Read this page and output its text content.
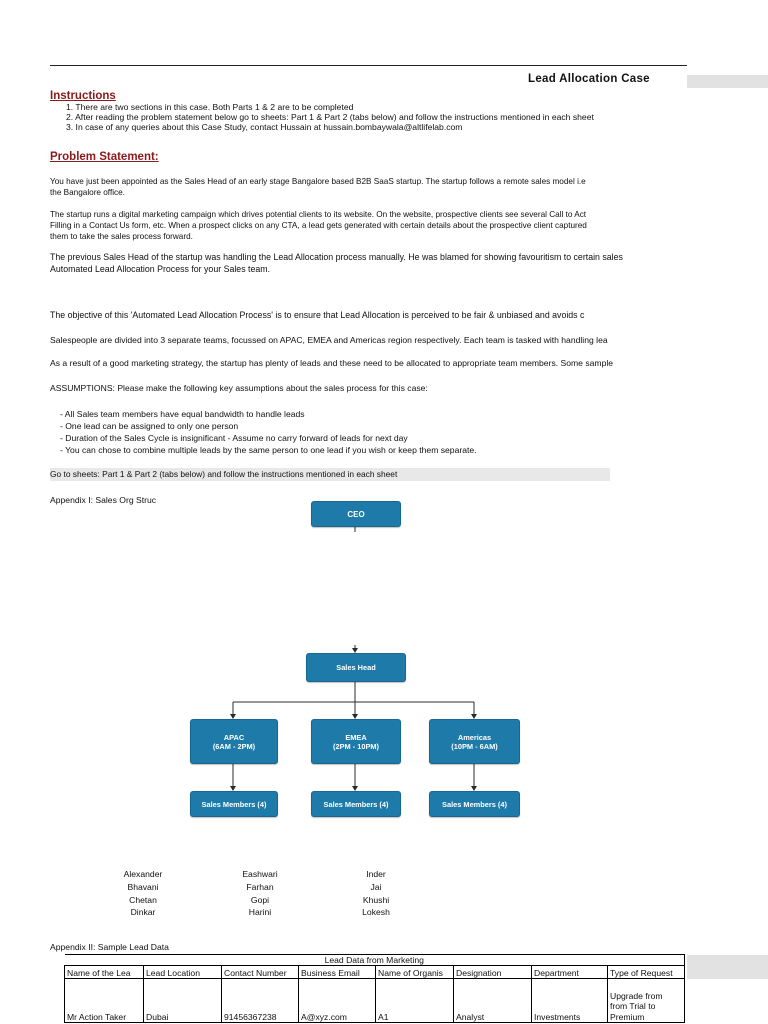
Lead Allocation Case
Instructions
1. There are two sections in this case. Both Parts 1 & 2 are to be completed
2. After reading the problem statement below go to sheets: Part 1 & Part 2 (tabs below) and follow the instructions mentioned in each sheet
3. In case of any queries about this Case Study, contact Hussain at hussain.bombaywala@altlifelab.com
Problem Statement:
You have just been appointed as the Sales Head of an early stage Bangalore based B2B SaaS startup. The startup follows a remote sales model i.e
the Bangalore office.
The startup runs a digital marketing campaign which drives potential clients to its website. On the website, prospective clients see several Call to Act
Filling in a Contact Us form, etc. When a prospect clicks on any CTA, a lead gets generated with certain details about the prospective client captured
them to take the sales process forward.
The previous Sales Head of the startup was handling the Lead Allocation process manually. He was blamed for showing favouritism to certain sales
Automated Lead Allocation Process for your Sales team.
The objective of this 'Automated Lead Allocation Process' is to ensure that Lead Allocation is perceived to be fair & unbiased and avoids c
Salespeople are divided into 3 separate teams, focussed on APAC, EMEA and Americas region respectively. Each team is tasked with handling lea
As a result of a good marketing strategy, the startup has plenty of leads and these need to be allocated to appropriate team members. Some sample
ASSUMPTIONS: Please make the following key assumptions about the sales process for this case:
- All Sales team members have equal bandwidth to handle leads
- One lead can be assigned to only one person
- Duration of the Sales Cycle is insignificant - Assume no carry forward of leads for next day
- You can chose to combine multiple leads by the same person to one lead if you wish or keep them separate.
Go to sheets: Part 1 & Part 2 (tabs below) and follow the instructions mentioned in each sheet
Appendix I: Sales Org Struc
CEO
Sales Head
APAC
(6AM - 2PM)
EMEA
(2PM - 10PM)
Americas
(10PM - 6AM)
Sales Members (4)	Sales Members (4)	Sales Members (4)
Alexander
Bhavani
Chetan
Dinkar
Eashwari
Farhan
Gopi
Harini
Inder
Jai
Khushi
Lokesh
Appendix II: Sample Lead Data
Lead Data from Marketing							
Name of the Lea	Lead Location	Contact Number	Business Email	Name of Organis	Designation	Department	Type of Request
Mr Action Taker	Dubai	91456367238	A@xyz.com	A1	Analyst	Investments	Upgrade from
from Trial to
Premium
